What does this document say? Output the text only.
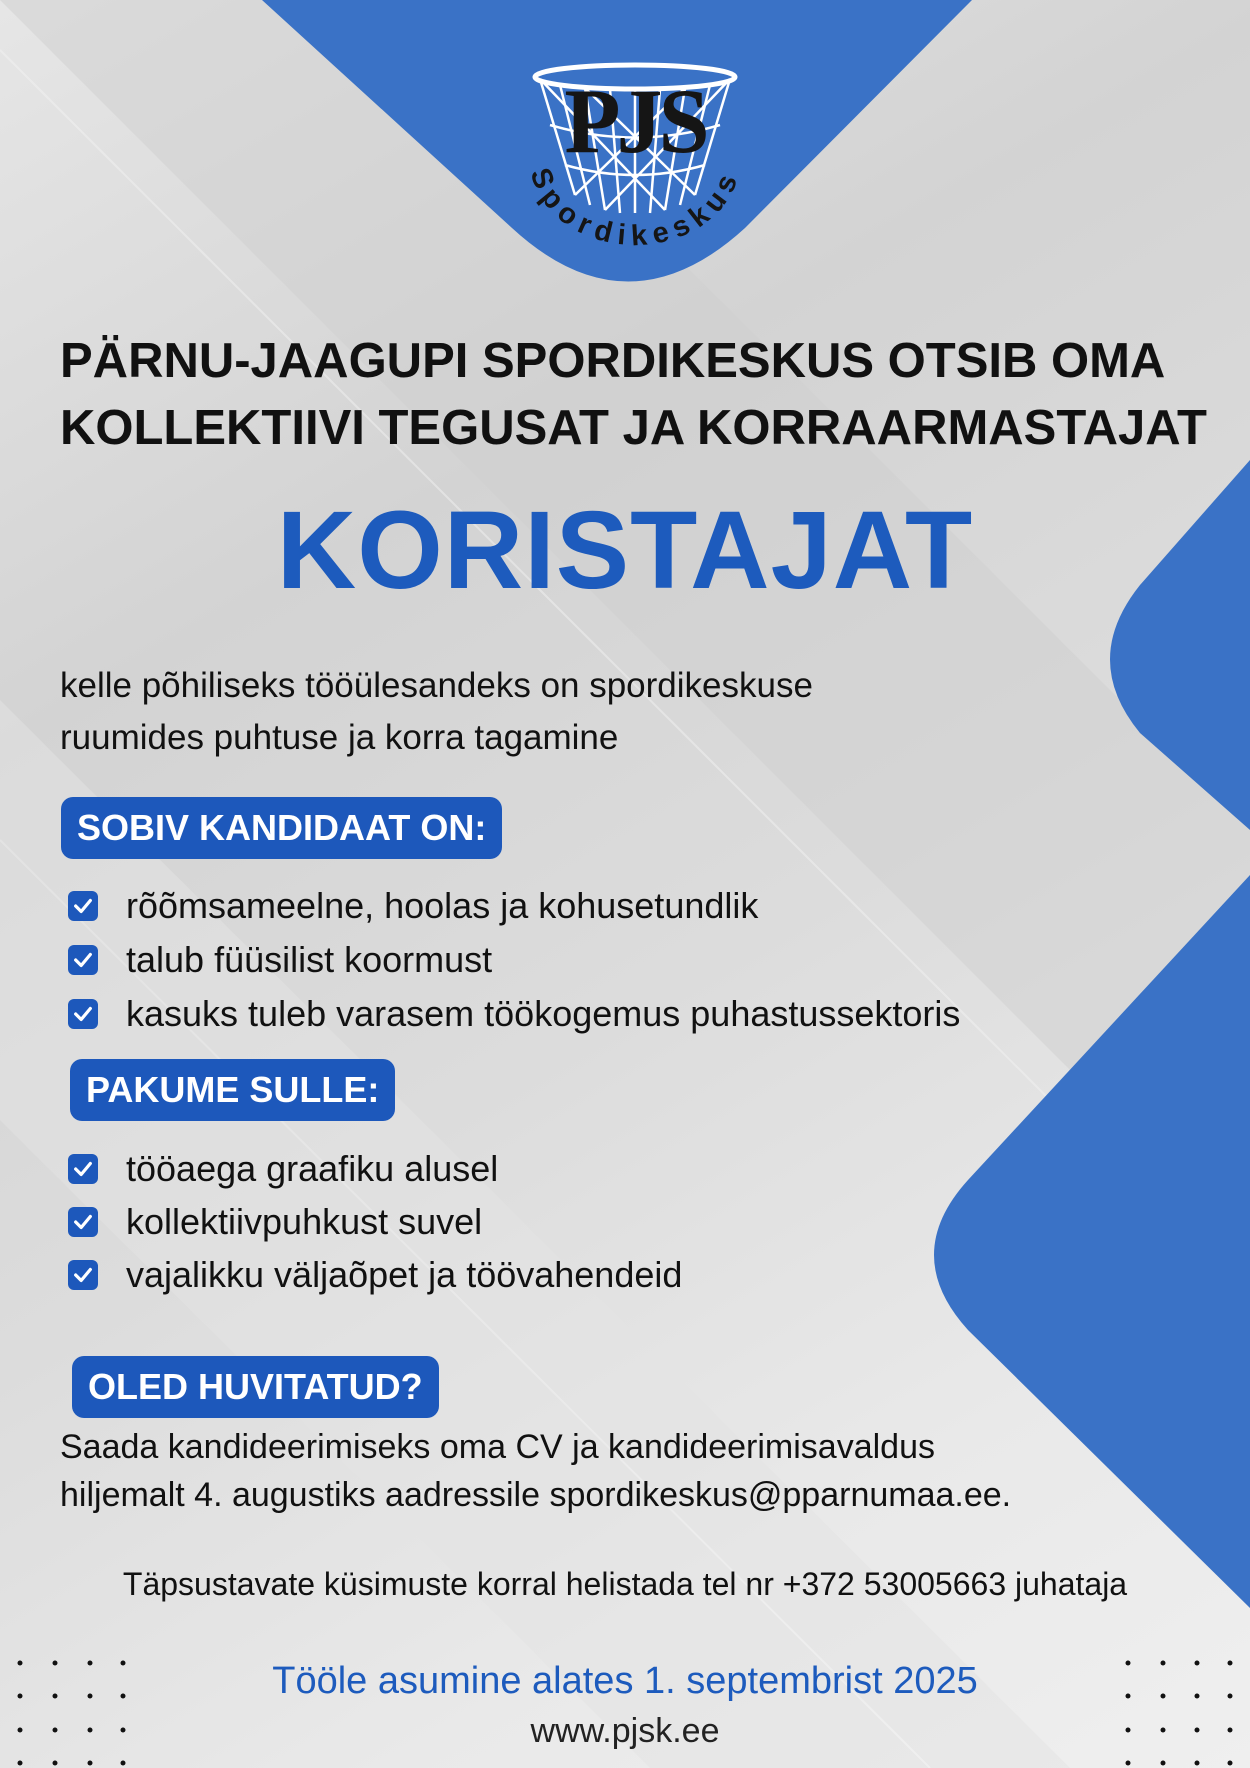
Spordikeskus
PJS
PÄRNU-JAAGUPI SPORDIKESKUS OTSIB OMA
KOLLEKTIIVI TEGUSAT JA KORRAARMASTAJAT
KORISTAJAT

kelle põhiliseks tööülesandeks on spordikeskuse
ruumides puhtuse ja korra tagamine

SOBIV KANDIDAAT ON:
rõõmsameelne, hoolas ja kohusetundlik
talub füüsilist koormust
kasuks tuleb varasem töökogemus puhastussektoris
PAKUME SULLE:
tööaega graafiku alusel
kollektiivpuhkust suvel
vajalikku väljaõpet ja töövahendeid
OLED HUVITATUD?

Saada kandideerimiseks oma CV ja kandideerimisavaldus
hiljemalt 4. augustiks aadressile spordikeskus@pparnumaa.ee.

Täpsustavate küsimuste korral helistada tel nr +372 53005663 juhataja

Tööle asumine alates 1. septembrist 2025

www.pjsk.ee
